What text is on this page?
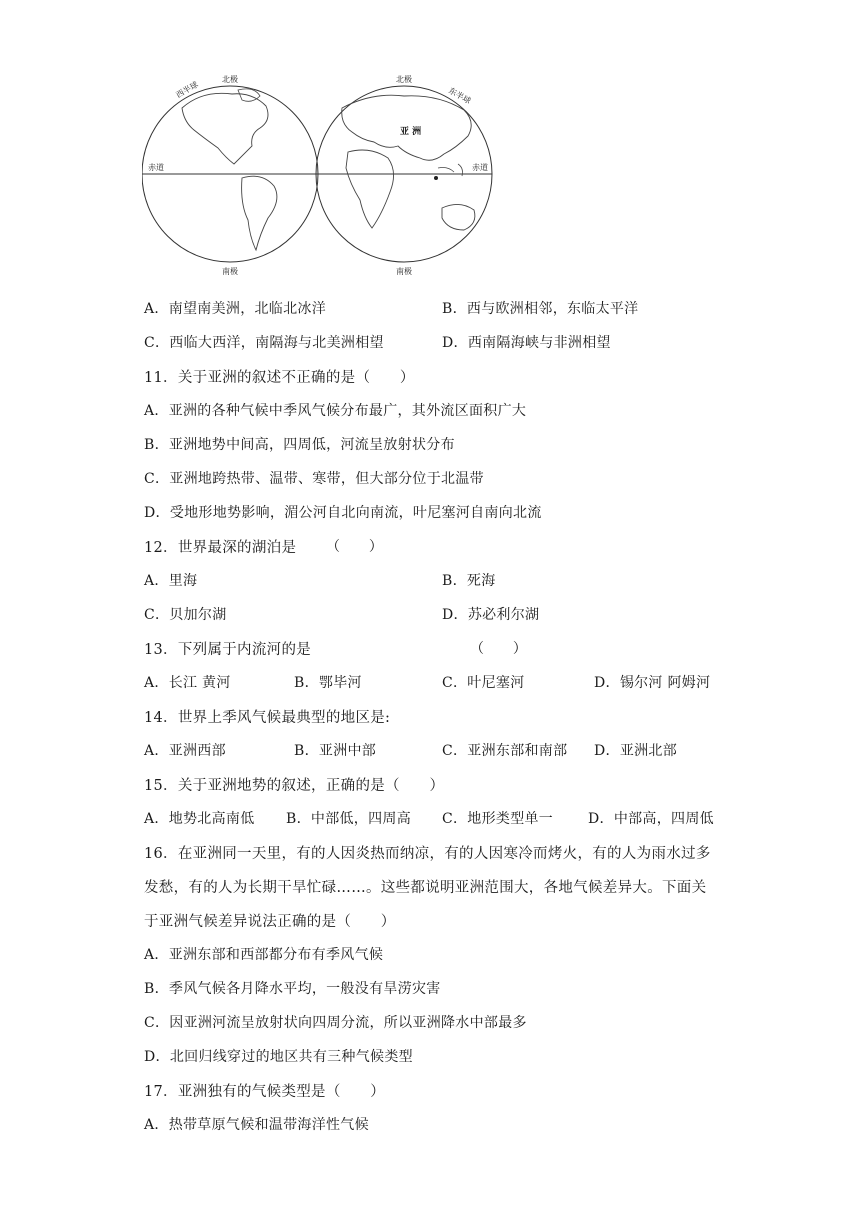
北极	北极
南极	南极
西半球	东半球
赤道	赤道
亚 洲
A．南望南美洲，北临北冰洋	B．西与欧洲相邻，东临太平洋
C．西临大西洋，南隔海与北美洲相望	D．西南隔海峡与非洲相望
11．关于亚洲的叙述不正确的是（　　）
A．亚洲的各种气候中季风气候分布最广，其外流区面积广大
B．亚洲地势中间高，四周低，河流呈放射状分布
C．亚洲地跨热带、温带、寒带，但大部分位于北温带
D．受地形地势影响，湄公河自北向南流，叶尼塞河自南向北流
12．世界最深的湖泊是 （　　）
A．里海	B．死海
C．贝加尔湖	D．苏必利尔湖
13．下列属于内流河的是	（　　）
A．长江 黄河	B．鄂毕河	C．叶尼塞河	D．锡尔河 阿姆河
14．世界上季风气候最典型的地区是:
A．亚洲西部	B．亚洲中部	C．亚洲东部和南部 D．亚洲北部
15．关于亚洲地势的叙述，正确的是（　　）
A．地势北高南低 B．中部低，四周高 C．地形类型单一 D．中部高，四周低
16．在亚洲同一天里，有的人因炎热而纳凉，有的人因寒冷而烤火，有的人为雨水过多
发愁，有的人为长期干旱忙碌……。这些都说明亚洲范围大，各地气候差异大。下面关
于亚洲气候差异说法正确的是（　　）
A．亚洲东部和西部都分布有季风气候
B．季风气候各月降水平均，一般没有旱涝灾害
C．因亚洲河流呈放射状向四周分流，所以亚洲降水中部最多
D．北回归线穿过的地区共有三种气候类型
17．亚洲独有的气候类型是（　　）
A．热带草原气候和温带海洋性气候
